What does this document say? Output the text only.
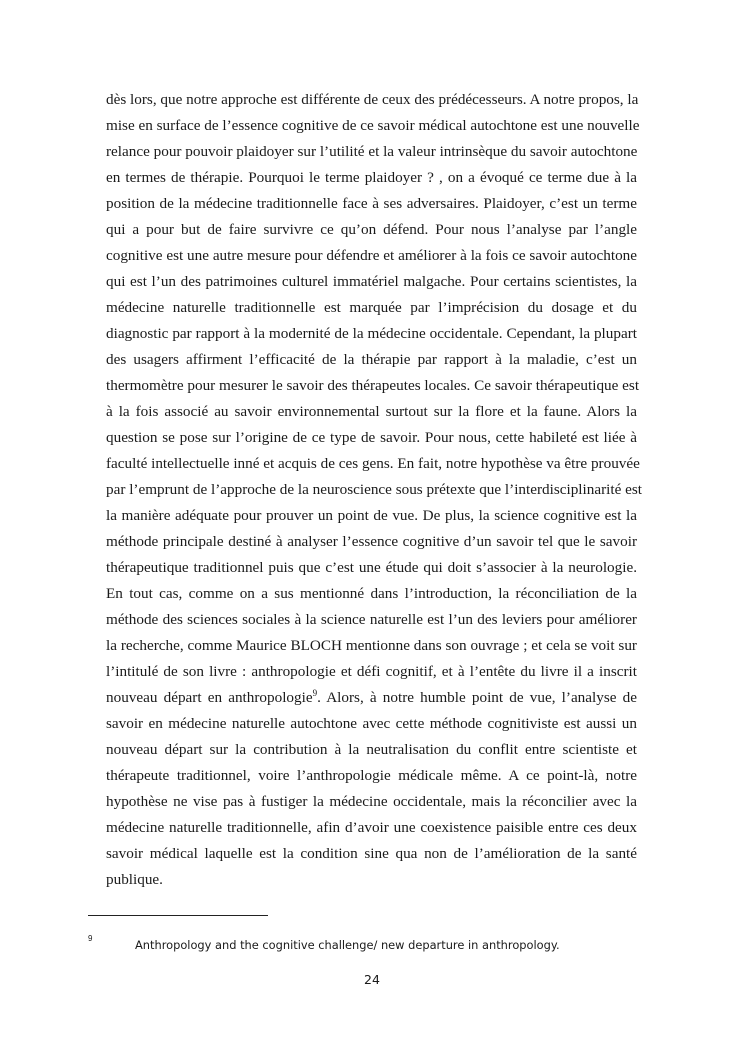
dès lors, que notre approche est différente de ceux des prédécesseurs. A notre propos, la

mise en surface de l’essence cognitive de ce savoir médical autochtone est une nouvelle

relance pour pouvoir plaidoyer sur l’utilité et la valeur intrinsèque du savoir autochtone

en termes de thérapie. Pourquoi le terme plaidoyer ? , on a évoqué ce terme due à la

position de la médecine traditionnelle face à ses adversaires. Plaidoyer, c’est un terme

qui a pour but de faire survivre ce qu’on défend. Pour nous l’analyse par l’angle

cognitive est une autre mesure pour défendre et améliorer à la fois ce savoir autochtone

qui est l’un des patrimoines culturel immatériel malgache. Pour certains scientistes, la

médecine naturelle traditionnelle est marquée par l’imprécision du dosage et du

diagnostic par rapport à la modernité de la médecine occidentale. Cependant, la plupart

des usagers affirment l’efficacité de la thérapie par rapport à la maladie, c’est un

thermomètre pour mesurer le savoir des thérapeutes locales. Ce savoir thérapeutique est

à la fois associé au savoir environnemental surtout sur la flore et la faune. Alors la

question se pose sur l’origine de ce type de savoir. Pour nous, cette habileté est liée à

faculté intellectuelle inné et acquis de ces gens. En fait, notre hypothèse va être prouvée

par l’emprunt de l’approche de la neuroscience sous prétexte que l’interdisciplinarité est

la manière adéquate pour prouver un point de vue. De plus, la science cognitive est la

méthode principale destiné à analyser l’essence cognitive d’un savoir tel que le savoir

thérapeutique traditionnel puis que c’est une étude qui doit s’associer à la neurologie.

En tout cas, comme on a sus mentionné dans l’introduction, la réconciliation de la

méthode des sciences sociales à la science naturelle est l’un des leviers pour améliorer

la recherche, comme Maurice BLOCH mentionne dans son ouvrage ; et cela se voit sur

l’intitulé de son livre : anthropologie et défi cognitif, et à l’entête du livre il a inscrit

nouveau départ en anthropologie$^9$. Alors, à notre humble point de vue, l’analyse de

savoir en médecine naturelle autochtone avec cette méthode cognitiviste est aussi un

nouveau départ sur la contribution à la neutralisation du conflit entre scientiste et

thérapeute traditionnel, voire l’anthropologie médicale même. A ce point-là, notre

hypothèse ne vise pas à fustiger la médecine occidentale, mais la réconcilier avec la

médecine naturelle traditionnelle, afin d’avoir une coexistence paisible entre ces deux

savoir médical laquelle est la condition sine qua non de l’amélioration de la santé

publique.

9	Anthropology and the cognitive challenge/ new departure in anthropology.
24
